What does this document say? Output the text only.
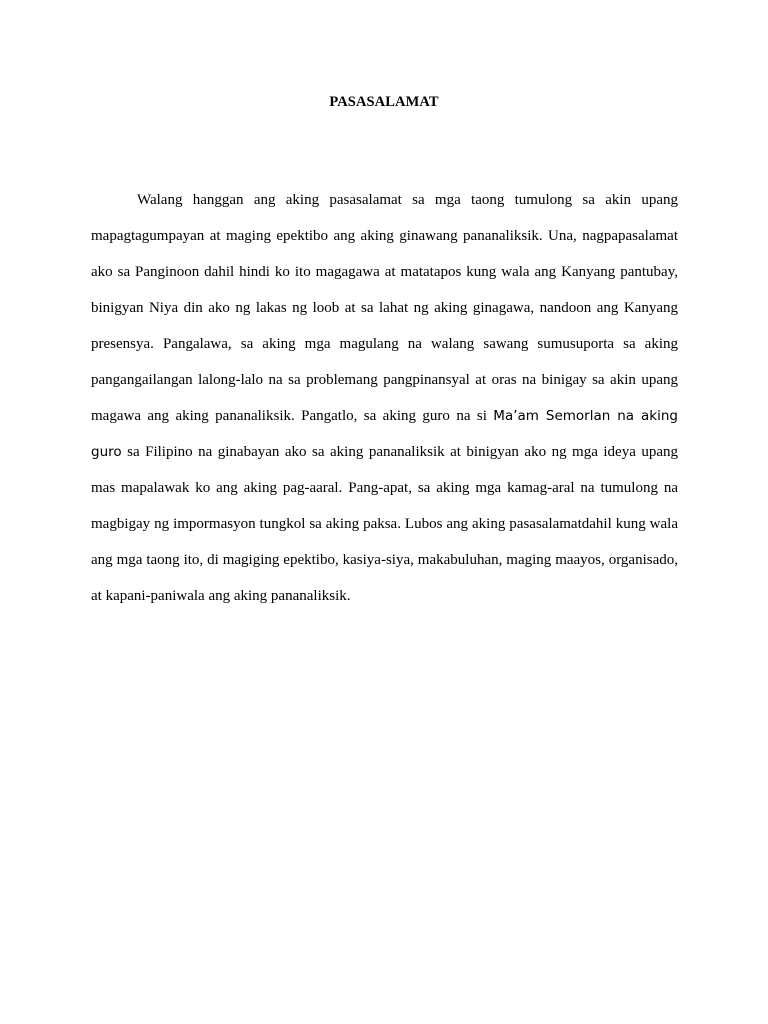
PASASALAMAT

Walang hanggan ang aking pasasalamat sa mga taong tumulong sa akin upang mapagtagumpayan at maging epektibo ang aking ginawang pananaliksik. Una, nagpapasalamat ako sa Panginoon dahil hindi ko ito magagawa at matatapos kung wala ang Kanyang pantubay, binigyan Niya din ako ng lakas ng loob at sa lahat ng aking ginagawa, nandoon ang Kanyang presensya. Pangalawa, sa aking mga magulang na walang sawang sumusuporta sa aking pangangailangan lalong-lalo na sa problemang pangpinansyal at oras na binigay sa akin upang magawa ang aking pananaliksik. Pangatlo, sa aking guro na si Ma’am Semorlan na aking guro sa Filipino na ginabayan ako sa aking pananaliksik at binigyan ako ng mga ideya upang mas mapalawak ko ang aking pag-aaral. Pang-apat, sa aking mga kamag-aral na tumulong na magbigay ng impormasyon tungkol sa aking paksa. Lubos ang aking pasasalamatdahil kung wala ang mga taong ito, di magiging epektibo, kasiya-siya, makabuluhan, maging maayos, organisado, at kapani-paniwala ang aking pananaliksik.
